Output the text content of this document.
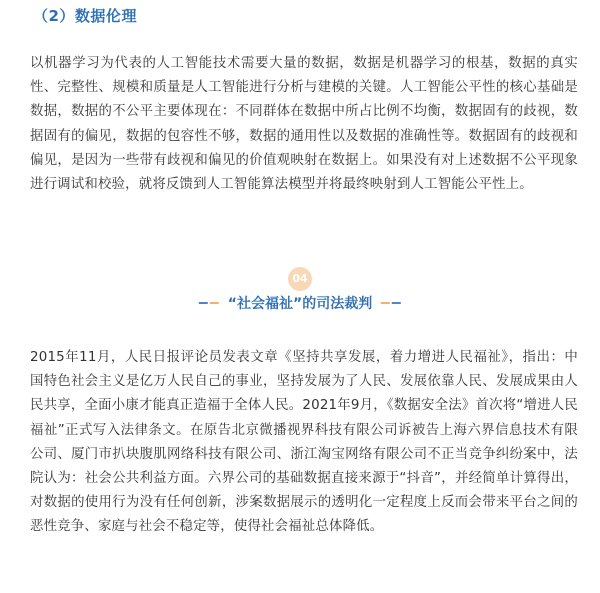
（2）数据伦理
以机器学习为代表的人工智能技术需要大量的数据，数据是机器学习的根基，数据的真实性、完整性、规模和质量是人工智能进行分析与建模的关键。人工智能公平性的核心基础是数据，数据的不公平主要体现在：不同群体在数据中所占比例不均衡，数据固有的歧视，数据固有的偏见，数据的包容性不够，数据的通用性以及数据的准确性等。数据固有的歧视和偏见，是因为一些带有歧视和偏见的价值观映射在数据上。如果没有对上述数据不公平现象进行调试和校验，就将反馈到人工智能算法模型并将最终映射到人工智能公平性上。
04
“社会福祉”的司法裁判
2015年11月，人民日报评论员发表文章《坚持共享发展，着力增进人民福祉》，指出：中国特色社会主义是亿万人民自己的事业，坚持发展为了人民、发展依靠人民、发展成果由人民共享，全面小康才能真正造福于全体人民。2021年9月，《数据安全法》首次将“增进人民福祉”正式写入法律条文。在原告北京微播视界科技有限公司诉被告上海六界信息技术有限公司、厦门市扒块腹肌网络科技有限公司、浙江淘宝网络有限公司不正当竞争纠纷案中，法院认为：社会公共利益方面。六界公司的基础数据直接来源于“抖音”，并经简单计算得出，对数据的使用行为没有任何创新，涉案数据展示的透明化一定程度上反而会带来平台之间的恶性竞争、家庭与社会不稳定等，使得社会福祉总体降低。
